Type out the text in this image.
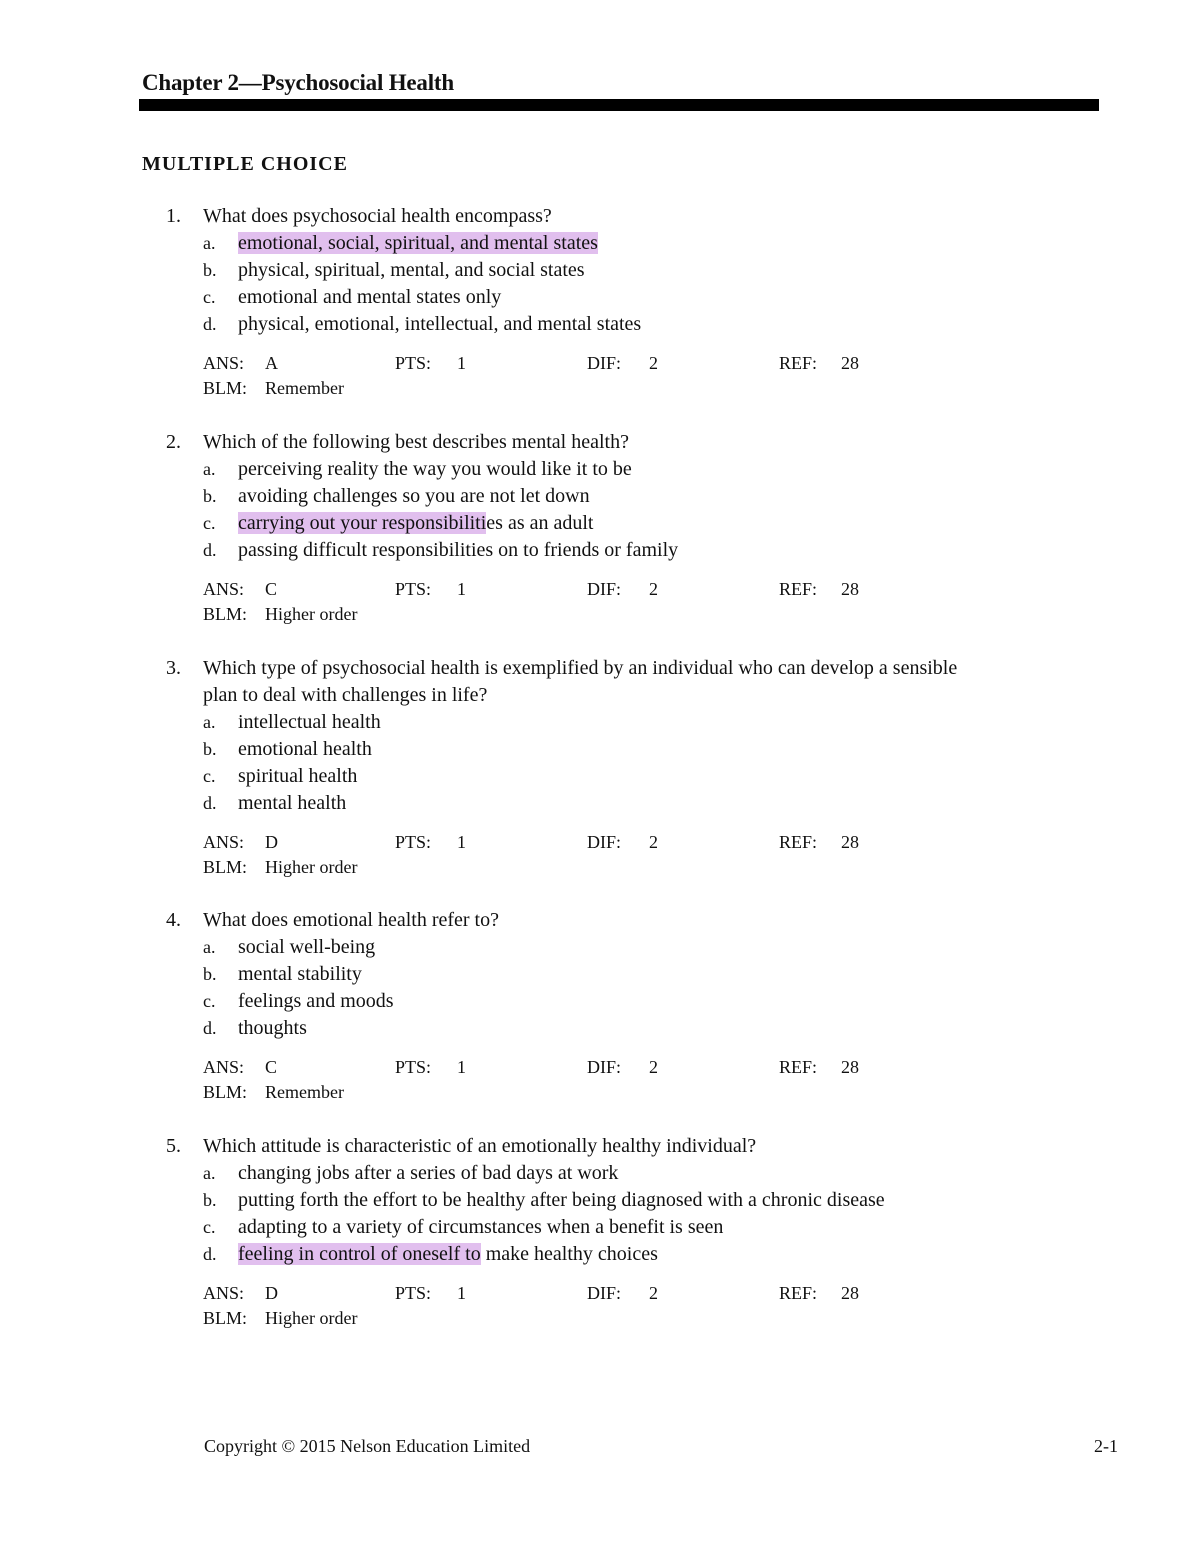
Chapter 2—Psychosocial Health
MULTIPLE CHOICE
1. What does psychosocial health encompass?
a. emotional, social, spiritual, and mental states
b. physical, spiritual, mental, and social states
c. emotional and mental states only
d. physical, emotional, intellectual, and mental states
ANS: A	PTS: 1	DIF: 2	REF: 28
BLM: Remember
2. Which of the following best describes mental health?
a. perceiving reality the way you would like it to be
b. avoiding challenges so you are not let down
c. carrying out your responsibilities as an adult
d. passing difficult responsibilities on to friends or family
ANS: C	PTS: 1	DIF: 2	REF: 28
BLM: Higher order
3. Which type of psychosocial health is exemplified by an individual who can develop a sensible
plan to deal with challenges in life?
a. intellectual health
b. emotional health
c. spiritual health
d. mental health
ANS: D	PTS: 1	DIF: 2	REF: 28
BLM: Higher order
4. What does emotional health refer to?
a. social well-being
b. mental stability
c. feelings and moods
d. thoughts
ANS: C	PTS: 1	DIF: 2	REF: 28
BLM: Remember
5. Which attitude is characteristic of an emotionally healthy individual?
a. changing jobs after a series of bad days at work
b. putting forth the effort to be healthy after being diagnosed with a chronic disease
c. adapting to a variety of circumstances when a benefit is seen
d. feeling in control of oneself to make healthy choices
ANS: D	PTS: 1	DIF: 2	REF: 28
BLM: Higher order
Copyright © 2015 Nelson Education Limited	2-1
